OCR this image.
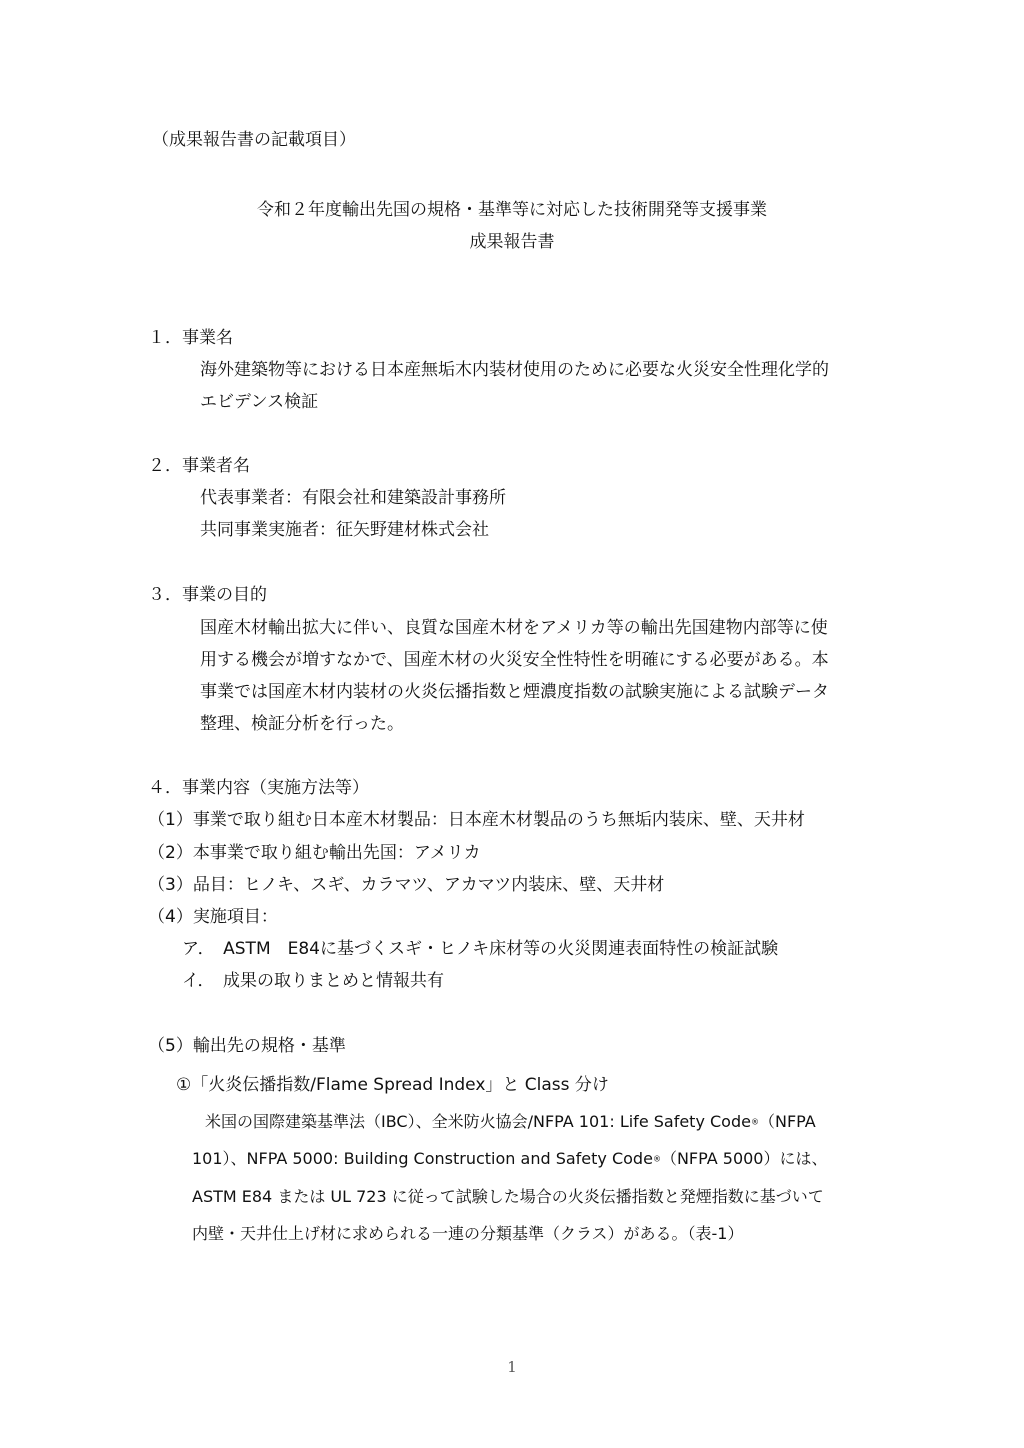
（成果報告書の記載項目）
令和２年度輸出先国の規格・基準等に対応した技術開発等支援事業
成果報告書
１．事業名
海外建築物等における日本産無垢木内装材使用のために必要な火災安全性理化学的
エビデンス検証
２．事業者名
代表事業者：有限会社和建築設計事務所
共同事業実施者：征矢野建材株式会社
３．事業の目的
国産木材輸出拡大に伴い、良質な国産木材をアメリカ等の輸出先国建物内部等に使
用する機会が増すなかで、国産木材の火災安全性特性を明確にする必要がある。本
事業では国産木材内装材の火炎伝播指数と煙濃度指数の試験実施による試験データ
整理、検証分析を行った。
４．事業内容（実施方法等）
（1）事業で取り組む日本産木材製品：日本産木材製品のうち無垢内装床、壁、天井材
（2）本事業で取り組む輸出先国：アメリカ
（3）品目：ヒノキ、スギ、カラマツ、アカマツ内装床、壁、天井材
（4）実施項目：
ア．　ASTM　E84に基づくスギ・ヒノキ床材等の火災関連表面特性の検証試験
イ．　成果の取りまとめと情報共有
（5）輸出先の規格・基準
①「火炎伝播指数/Flame Spread Index」と Class 分け
米国の国際建築基準法（IBC）、全米防火協会/NFPA 101: Life Safety Code®（NFPA
101）、NFPA 5000: Building Construction and Safety Code®（NFPA 5000）には、
ASTM E84 または UL 723 に従って試験した場合の火炎伝播指数と発煙指数に基づいて
内壁・天井仕上げ材に求められる一連の分類基準（クラス）がある。（表-1）
1
